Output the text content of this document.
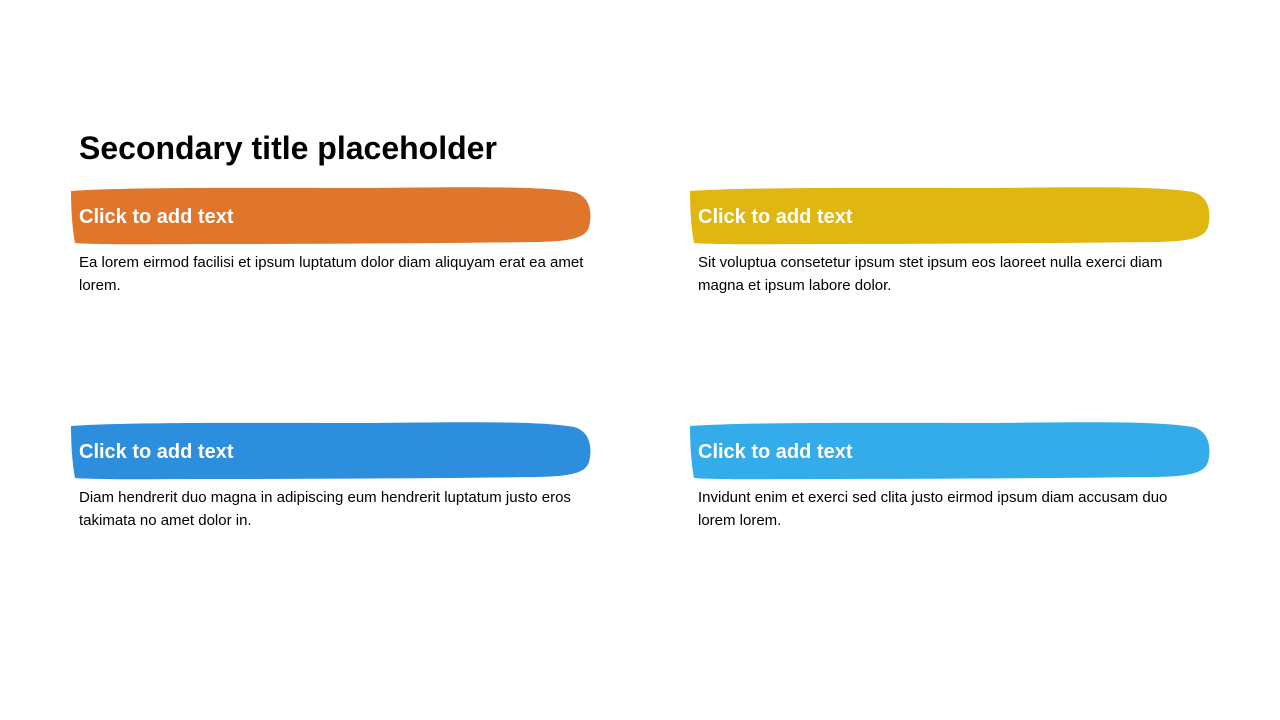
Secondary title placeholder
Click to add text

Ea lorem eirmod facilisi et ipsum luptatum dolor diam aliquyam erat ea amet lorem.

Click to add text

Sit voluptua consetetur ipsum stet ipsum eos laoreet nulla exerci diam magna et ipsum labore dolor.

Click to add text

Diam hendrerit duo magna in adipiscing eum hendrerit luptatum justo eros takimata no amet dolor in.

Click to add text

Invidunt enim et exerci sed clita justo eirmod ipsum diam accusam duo lorem lorem.
